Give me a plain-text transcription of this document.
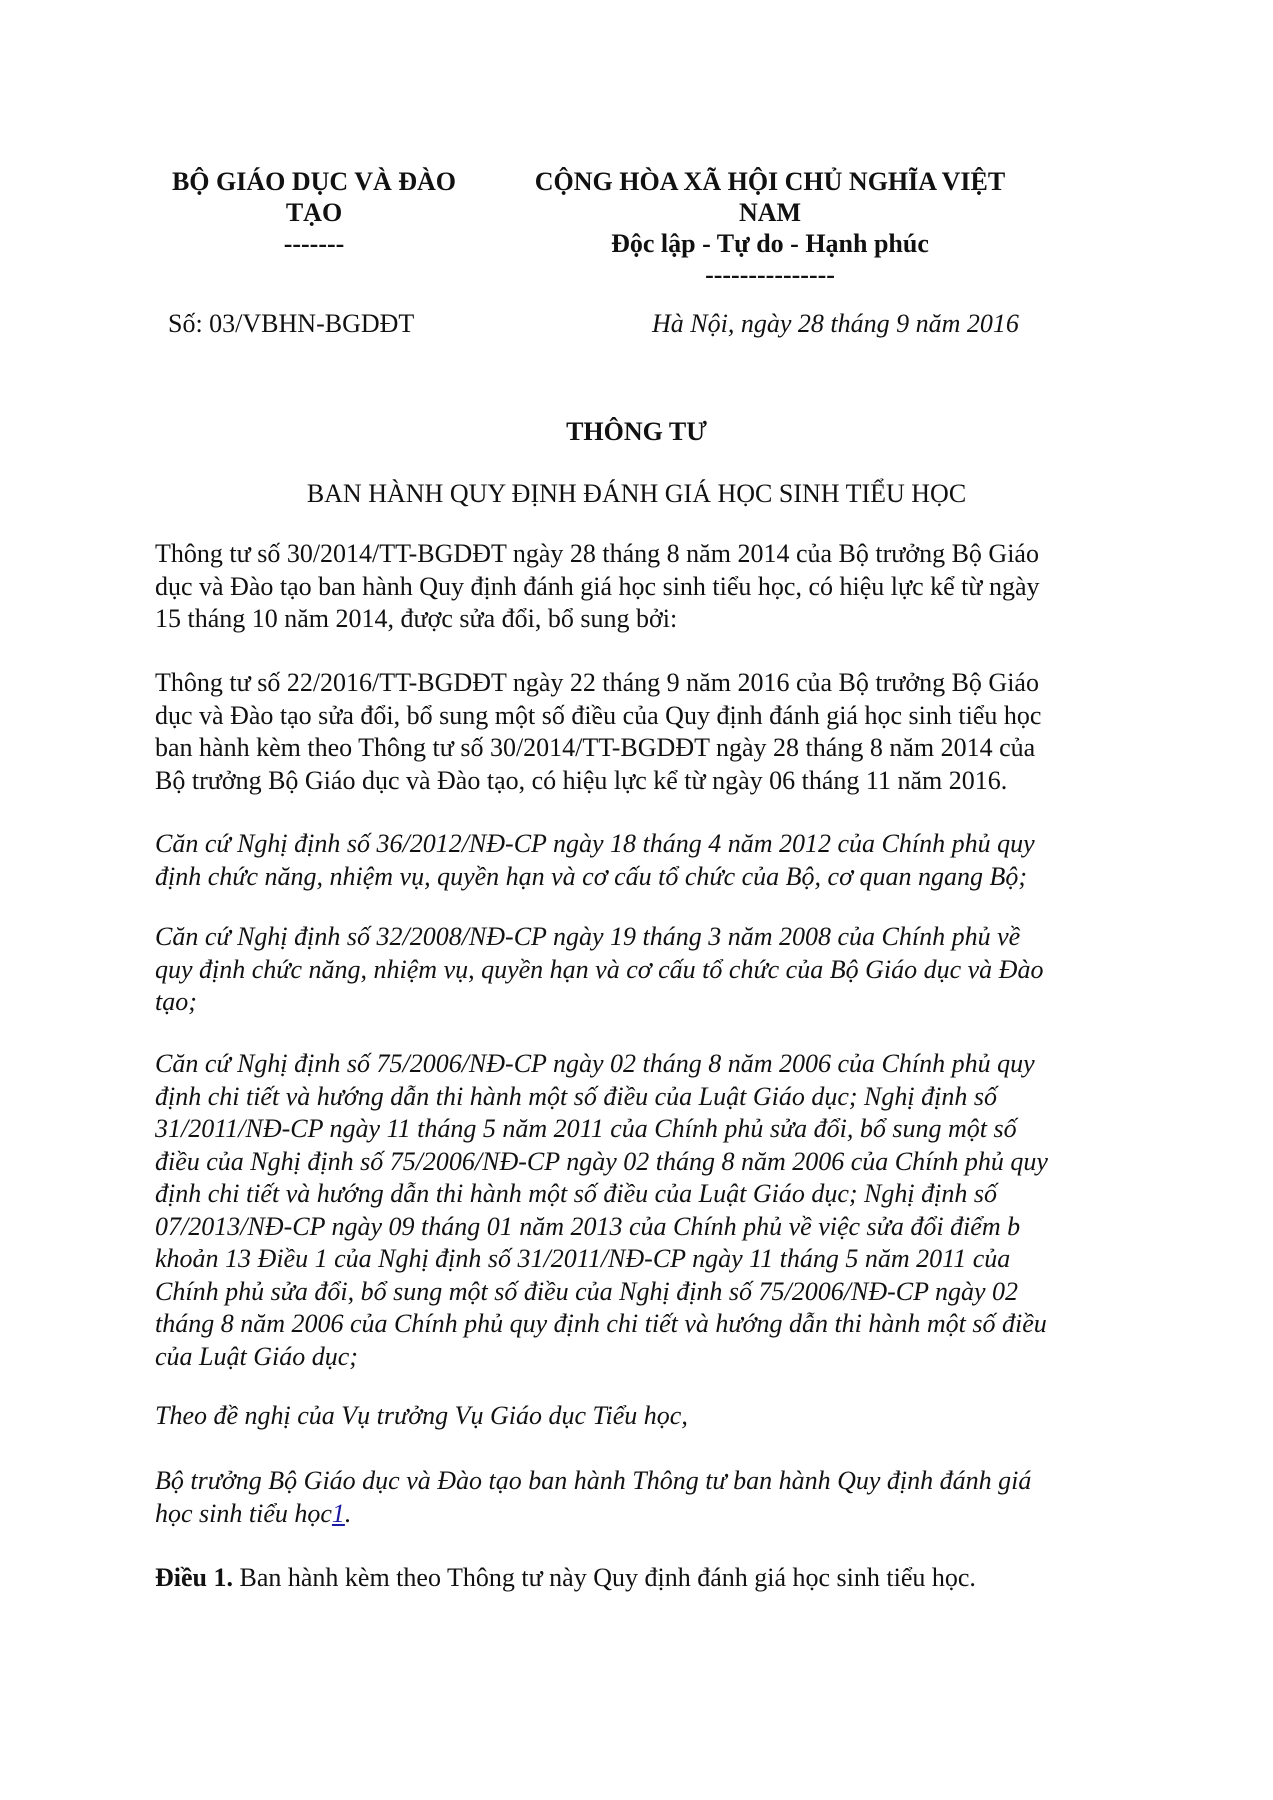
BỘ GIÁO DỤC VÀ ĐÀO
TẠO
-------
CỘNG HÒA XÃ HỘI CHỦ NGHĨA VIỆT
NAM
Độc lập - Tự do - Hạnh phúc
---------------
Số: 03/VBHN-BGDĐT	Hà Nội, ngày 28 tháng 9 năm 2016
THÔNG TƯ
BAN HÀNH QUY ĐỊNH ĐÁNH GIÁ HỌC SINH TIỂU HỌC
Thông tư số 30/2014/TT-BGDĐT ngày 28 tháng 8 năm 2014 của Bộ trưởng Bộ Giáo
dục và Đào tạo ban hành Quy định đánh giá học sinh tiểu học, có hiệu lực kể từ ngày
15 tháng 10 năm 2014, được sửa đổi, bổ sung bởi:
Thông tư số 22/2016/TT-BGDĐT ngày 22 tháng 9 năm 2016 của Bộ trưởng Bộ Giáo
dục và Đào tạo sửa đổi, bổ sung một số điều của Quy định đánh giá học sinh tiểu học
ban hành kèm theo Thông tư số 30/2014/TT-BGDĐT ngày 28 tháng 8 năm 2014 của
Bộ trưởng Bộ Giáo dục và Đào tạo, có hiệu lực kể từ ngày 06 tháng 11 năm 2016.
Căn cứ Nghị định số 36/2012/NĐ-CP ngày 18 tháng 4 năm 2012 của Chính phủ quy
định chức năng, nhiệm vụ, quyền hạn và cơ cấu tổ chức của Bộ, cơ quan ngang Bộ;
Căn cứ Nghị định số 32/2008/NĐ-CP ngày 19 tháng 3 năm 2008 của Chính phủ về
quy định chức năng, nhiệm vụ, quyền hạn và cơ cấu tổ chức của Bộ Giáo dục và Đào
tạo;
Căn cứ Nghị định số 75/2006/NĐ-CP ngày 02 tháng 8 năm 2006 của Chính phủ quy
định chi tiết và hướng dẫn thi hành một số điều của Luật Giáo dục; Nghị định số
31/2011/NĐ-CP ngày 11 tháng 5 năm 2011 của Chính phủ sửa đổi, bổ sung một số
điều của Nghị định số 75/2006/NĐ-CP ngày 02 tháng 8 năm 2006 của Chính phủ quy
định chi tiết và hướng dẫn thi hành một số điều của Luật Giáo dục; Nghị định số
07/2013/NĐ-CP ngày 09 tháng 01 năm 2013 của Chính phủ về việc sửa đổi điểm b
khoản 13 Điều 1 của Nghị định số 31/2011/NĐ-CP ngày 11 tháng 5 năm 2011 của
Chính phủ sửa đổi, bổ sung một số điều của Nghị định số 75/2006/NĐ-CP ngày 02
tháng 8 năm 2006 của Chính phủ quy định chi tiết và hướng dẫn thi hành một số điều
của Luật Giáo dục;
Theo đề nghị của Vụ trưởng Vụ Giáo dục Tiểu học,
Bộ trưởng Bộ Giáo dục và Đào tạo ban hành Thông tư ban hành Quy định đánh giá
học sinh tiểu học1.
Điều 1. Ban hành kèm theo Thông tư này Quy định đánh giá học sinh tiểu học.
